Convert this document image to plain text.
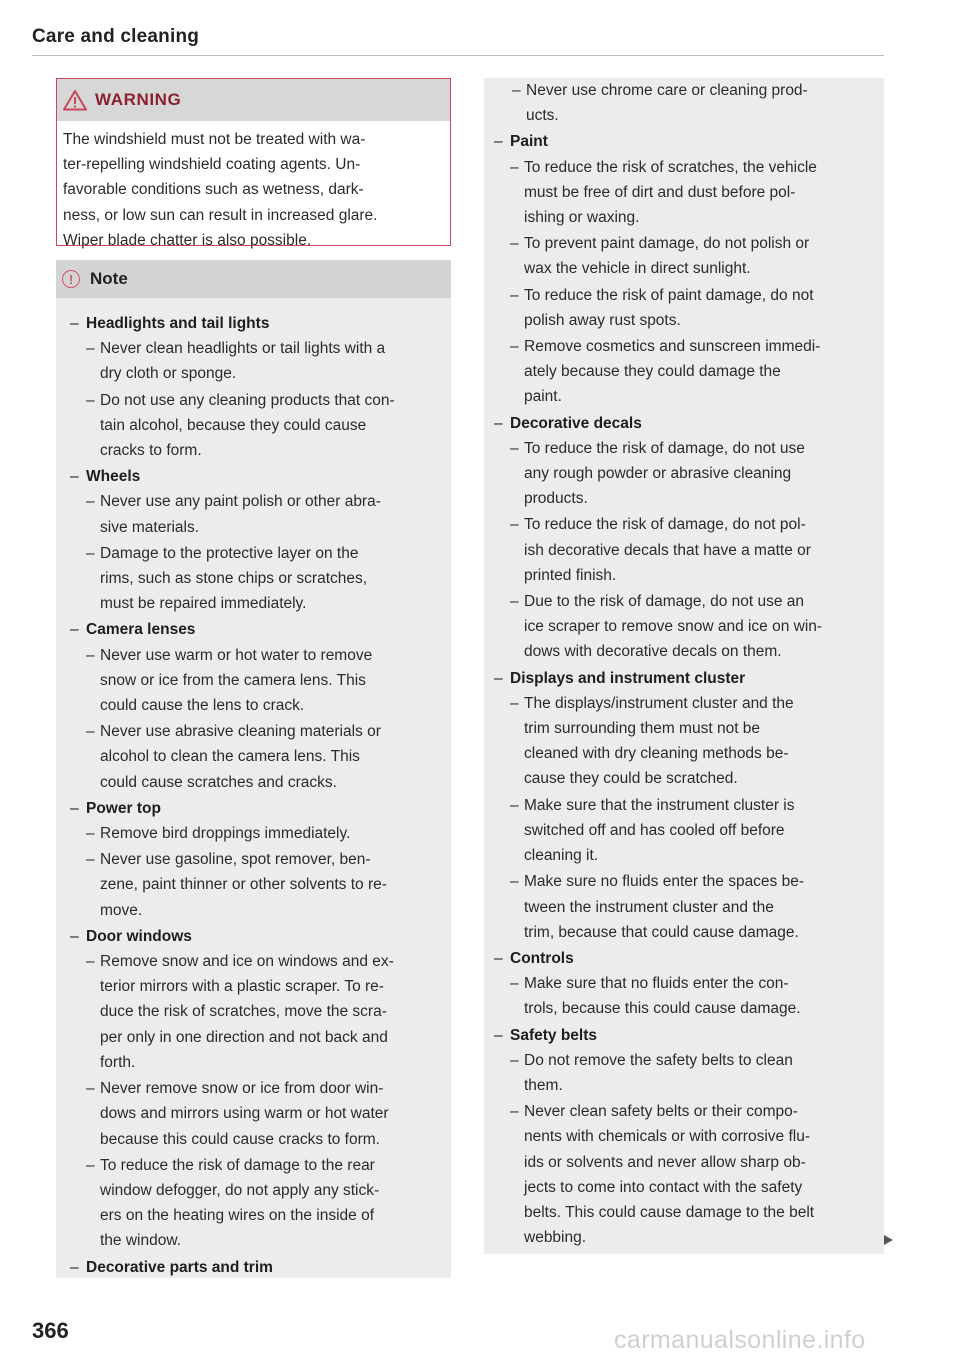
Care and cleaning
WARNING
The windshield must not be treated with wa-
ter-repelling windshield coating agents. Un-
favorable conditions such as wetness, dark-
ness, or low sun can result in increased glare.
Wiper blade chatter is also possible.
! Note
– Headlights and tail lights
– Never clean headlights or tail lights with a
dry cloth or sponge.
– Do not use any cleaning products that con-
tain alcohol, because they could cause
cracks to form.
– Wheels
– Never use any paint polish or other abra-
sive materials.
– Damage to the protective layer on the
rims, such as stone chips or scratches,
must be repaired immediately.
– Camera lenses
– Never use warm or hot water to remove
snow or ice from the camera lens. This
could cause the lens to crack.
– Never use abrasive cleaning materials or
alcohol to clean the camera lens. This
could cause scratches and cracks.
– Power top
– Remove bird droppings immediately.
– Never use gasoline, spot remover, ben-
zene, paint thinner or other solvents to re-
move.
– Door windows
– Remove snow and ice on windows and ex-
terior mirrors with a plastic scraper. To re-
duce the risk of scratches, move the scra-
per only in one direction and not back and
forth.
– Never remove snow or ice from door win-
dows and mirrors using warm or hot water
because this could cause cracks to form.
– To reduce the risk of damage to the rear
window defogger, do not apply any stick-
ers on the heating wires on the inside of
the window.
– Decorative parts and trim
– Never use chrome care or cleaning prod-
ucts.
– Paint
– To reduce the risk of scratches, the vehicle
must be free of dirt and dust before pol-
ishing or waxing.
– To prevent paint damage, do not polish or
wax the vehicle in direct sunlight.
– To reduce the risk of paint damage, do not
polish away rust spots.
– Remove cosmetics and sunscreen immedi-
ately because they could damage the
paint.
– Decorative decals
– To reduce the risk of damage, do not use
any rough powder or abrasive cleaning
products.
– To reduce the risk of damage, do not pol-
ish decorative decals that have a matte or
printed finish.
– Due to the risk of damage, do not use an
ice scraper to remove snow and ice on win-
dows with decorative decals on them.
– Displays and instrument cluster
– The displays/instrument cluster and the
trim surrounding them must not be
cleaned with dry cleaning methods be-
cause they could be scratched.
– Make sure that the instrument cluster is
switched off and has cooled off before
cleaning it.
– Make sure no fluids enter the spaces be-
tween the instrument cluster and the
trim, because that could cause damage.
– Controls
– Make sure that no fluids enter the con-
trols, because this could cause damage.
– Safety belts
– Do not remove the safety belts to clean
them.
– Never clean safety belts or their compo-
nents with chemicals or with corrosive flu-
ids or solvents and never allow sharp ob-
jects to come into contact with the safety
belts. This could cause damage to the belt
webbing.
366	carmanualsonline.info
